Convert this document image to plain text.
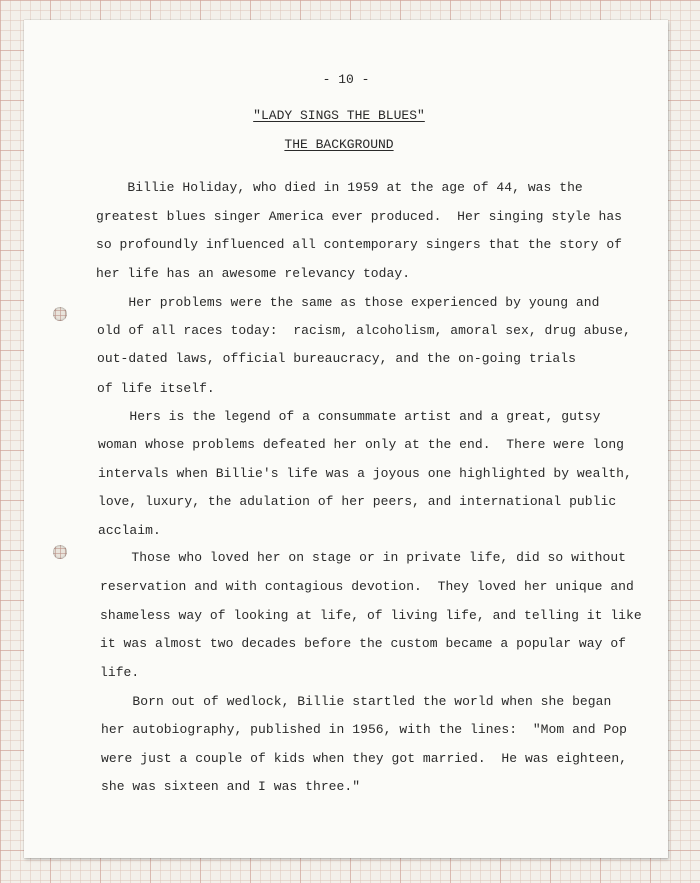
- 10 -
"LADY SINGS THE BLUES"
THE BACKGROUND
Billie Holiday, who died in 1959 at the age of 44, was the
greatest blues singer America ever produced.  Her singing style has
so profoundly influenced all contemporary singers that the story of
her life has an awesome relevancy today.
Her problems were the same as those experienced by young and
old of all races today:  racism, alcoholism, amoral sex, drug abuse,
out-dated laws, official bureaucracy, and the on-going trials
of life itself.
Hers is the legend of a consummate artist and a great, gutsy
woman whose problems defeated her only at the end.  There were long
intervals when Billie's life was a joyous one highlighted by wealth,
love, luxury, the adulation of her peers, and international public
acclaim.
Those who loved her on stage or in private life, did so without
reservation and with contagious devotion.  They loved her unique and
shameless way of looking at life, of living life, and telling it like
it was almost two decades before the custom became a popular way of
life.
Born out of wedlock, Billie startled the world when she began
her autobiography, published in 1956, with the lines:  "Mom and Pop
were just a couple of kids when they got married.  He was eighteen,
she was sixteen and I was three."
